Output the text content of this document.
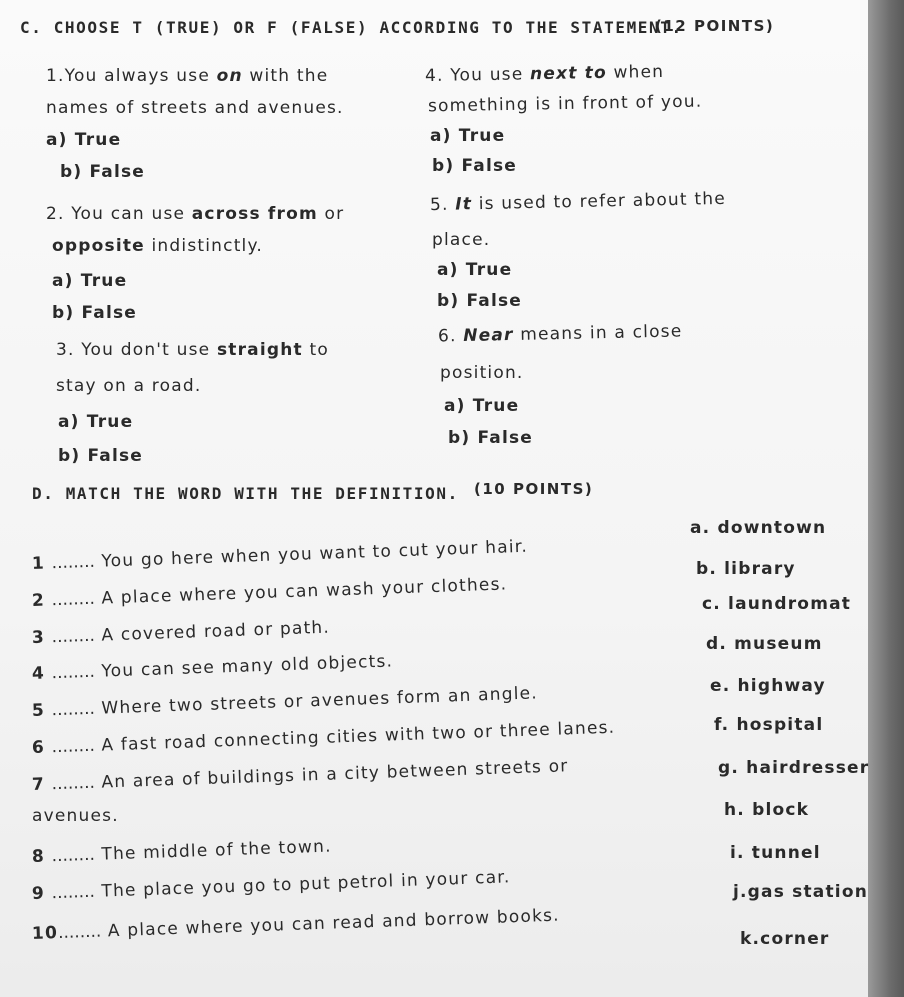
C. CHOOSE T (TRUE) OR F (FALSE) ACCORDING TO THE STATEMENT.
(12 POINTS)
1.You always use on with the
names of streets and avenues.
a) True
b) False
2. You can use across from or
opposite indistinctly.
a) True
b) False
3. You don't use straight to
stay on a road.
a) True
b) False
4. You use next to when
something is in front of you.
a) True
b) False
5. It is used to refer about the
place.
a) True
b) False
6. Near means in a close
position.
a) True
b) False
D. MATCH THE WORD WITH THE DEFINITION. (10 POINTS)
1 ........ You go here when you want to cut your hair.
2 ........ A place where you can wash your clothes.
3 ........ A covered road or path.
4 ........ You can see many old objects.
5 ........ Where two streets or avenues form an angle.
6 ........ A fast road connecting cities with two or three lanes.
7 ........ An area of buildings in a city between streets or
avenues.
8 ........ The middle of the town.
9 ........ The place you go to put petrol in your car.
10........ A place where you can read and borrow books.
a. downtown
b. library
c. laundromat
d. museum
e. highway
f. hospital
g. hairdresser
h. block
i. tunnel
j.gas station
k.corner
